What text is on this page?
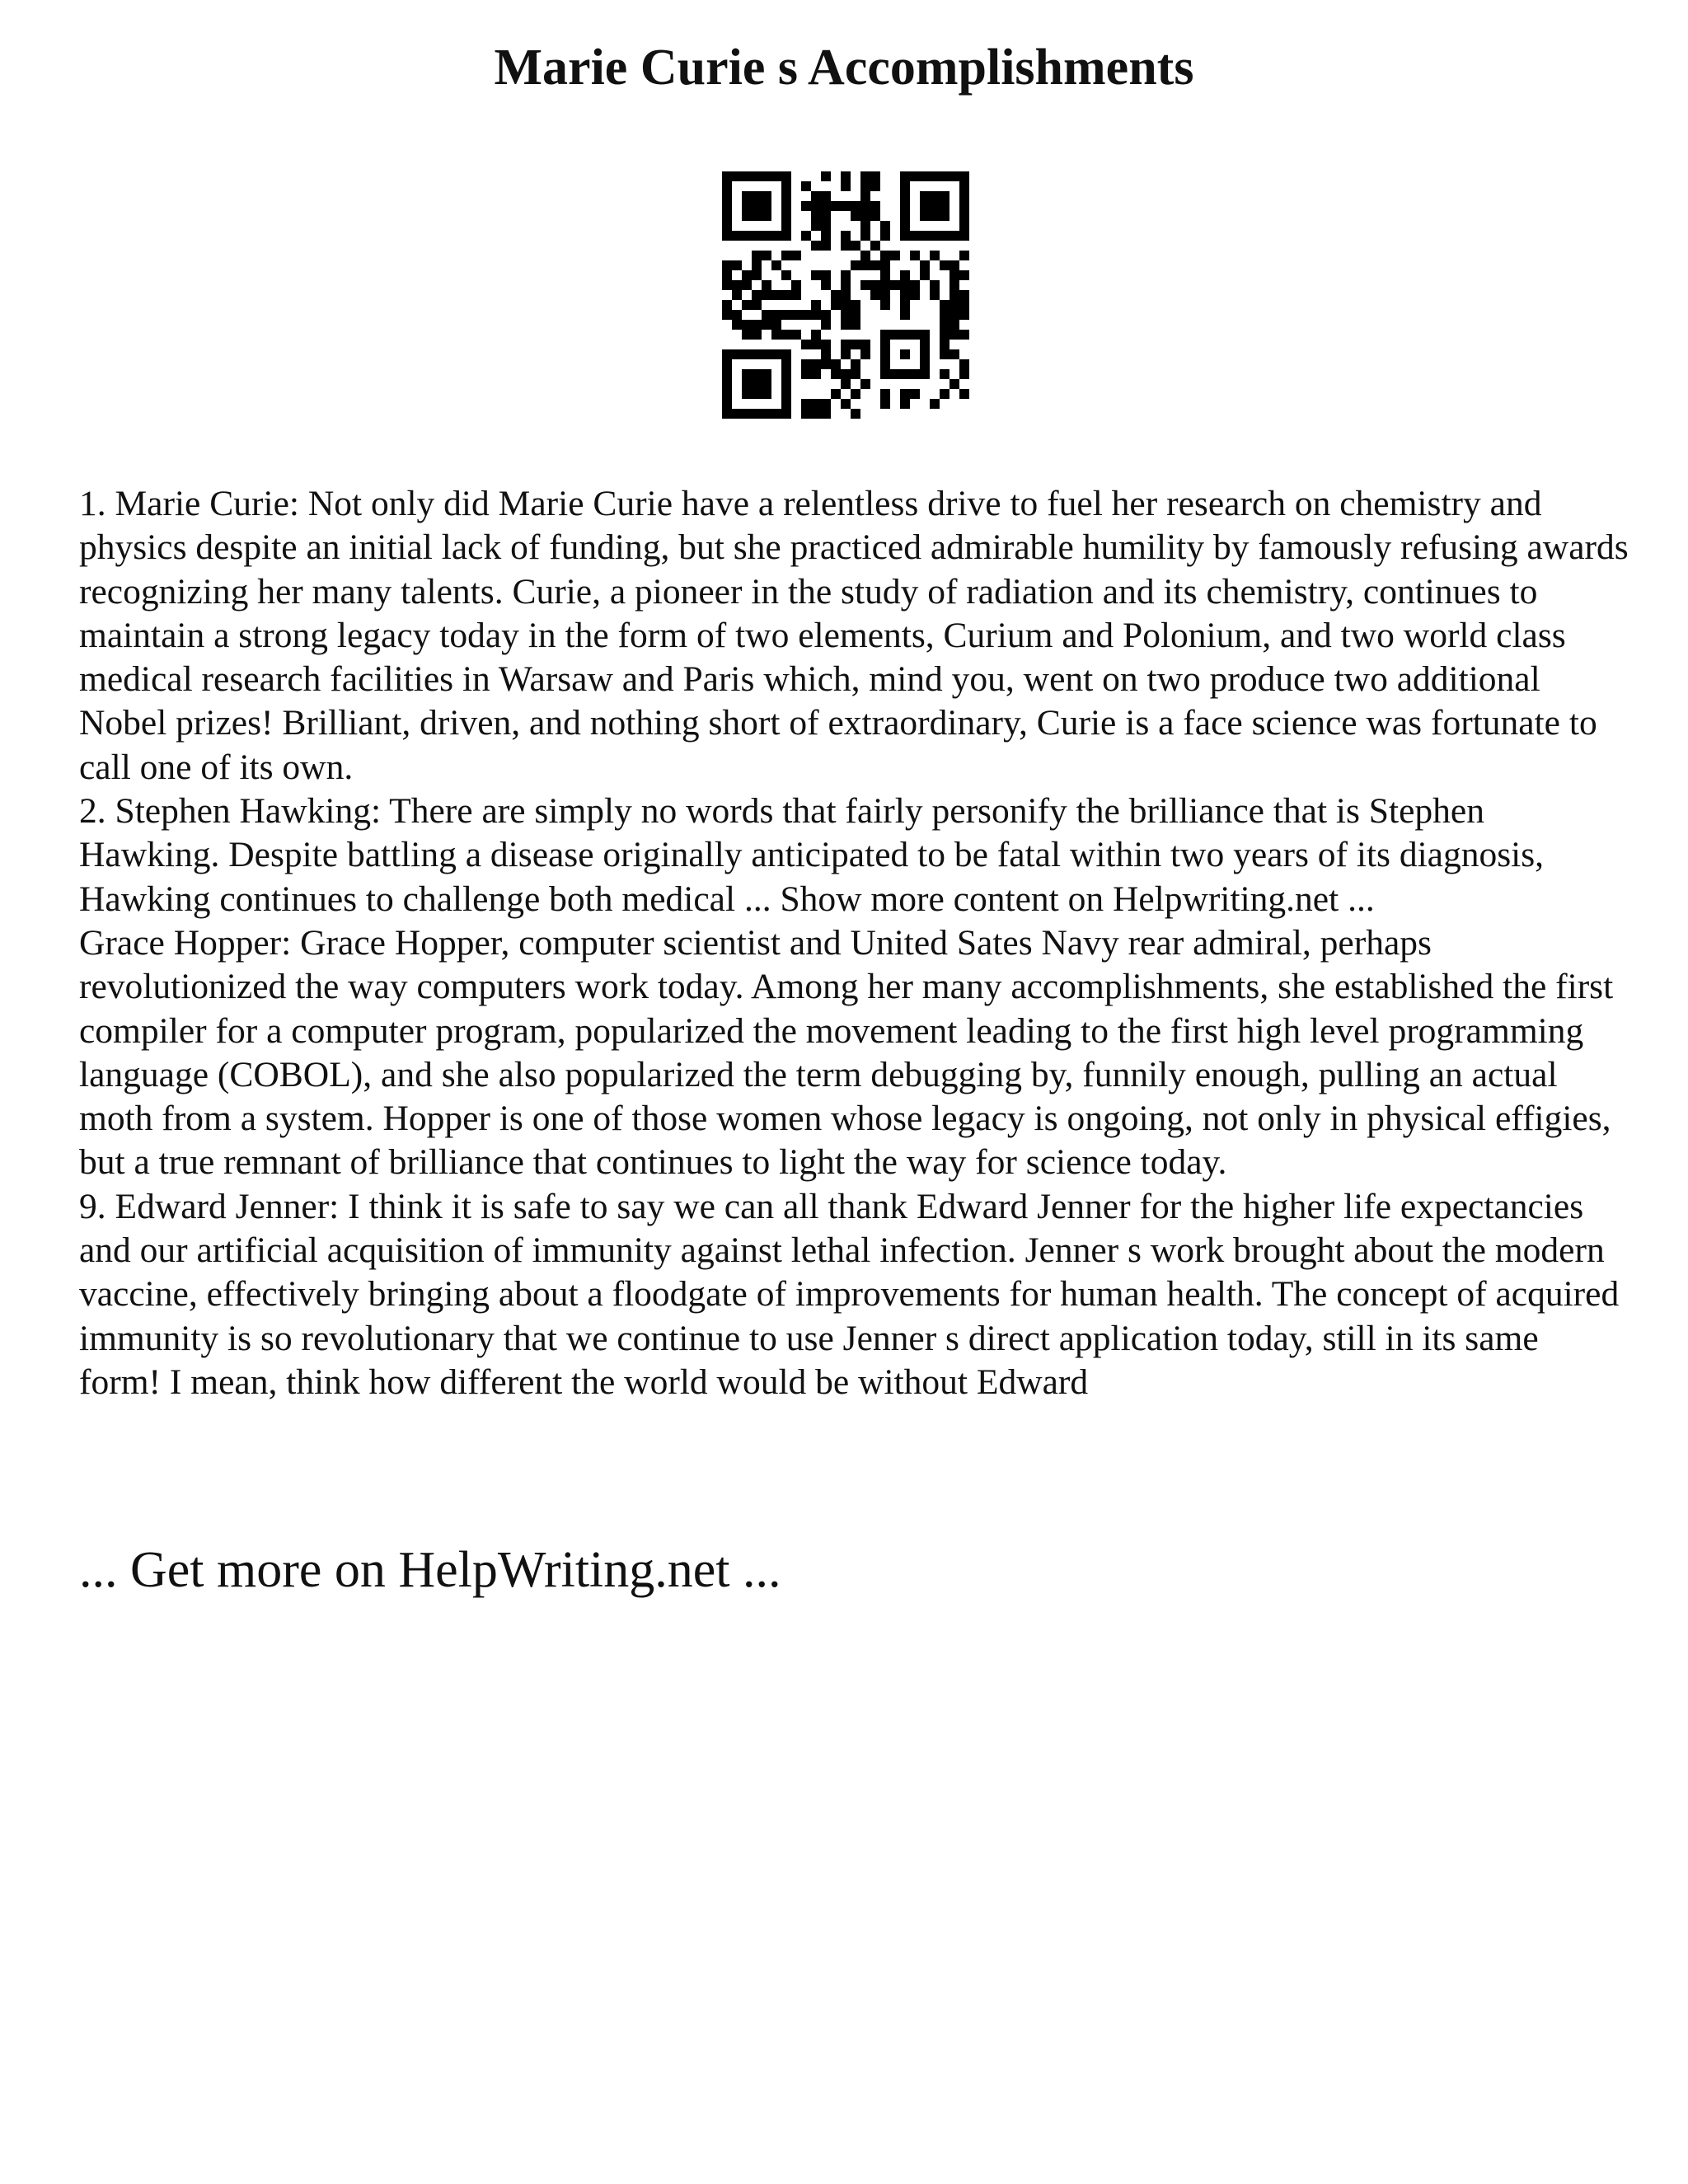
Marie Curie s Accomplishments

1. Marie Curie: Not only did Marie Curie have a relentless drive to fuel her research on chemistry and physics despite an initial lack of funding, but she practiced admirable humility by famously refusing awards recognizing her many talents. Curie, a pioneer in the study of radiation and its chemistry, continues to maintain a strong legacy today in the form of two elements, Curium and Polonium, and two world class medical research facilities in Warsaw and Paris which, mind you, went on two produce two additional Nobel prizes! Brilliant, driven, and nothing short of extraordinary, Curie is a face science was fortunate to call one of its own.

2. Stephen Hawking: There are simply no words that fairly personify the brilliance that is Stephen Hawking. Despite battling a disease originally anticipated to be fatal within two years of its diagnosis, Hawking continues to challenge both medical ... Show more content on Helpwriting.net ...

Grace Hopper: Grace Hopper, computer scientist and United Sates Navy rear admiral, perhaps revolutionized the way computers work today. Among her many accomplishments, she established the first compiler for a computer program, popularized the movement leading to the first high level programming language (COBOL), and she also popularized the term debugging by, funnily enough, pulling an actual moth from a system. Hopper is one of those women whose legacy is ongoing, not only in physical effigies, but a true remnant of brilliance that continues to light the way for science today.

9. Edward Jenner: I think it is safe to say we can all thank Edward Jenner for the higher life expectancies and our artificial acquisition of immunity against lethal infection. Jenner s work brought about the modern vaccine, effectively bringing about a floodgate of improvements for human health. The concept of acquired immunity is so revolutionary that we continue to use Jenner s direct application today, still in its same form! I mean, think how different the world would be without Edward

... Get more on HelpWriting.net ...
